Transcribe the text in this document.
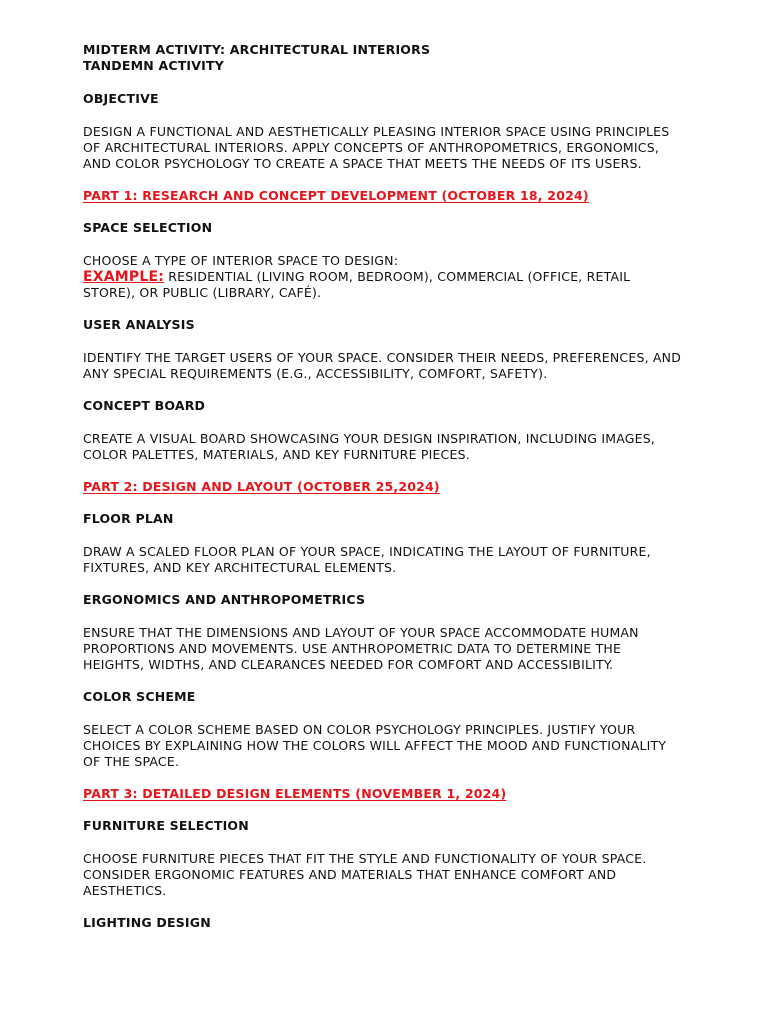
MIDTERM ACTIVITY: ARCHITECTURAL INTERIORS
TANDEMN ACTIVITY

OBJECTIVE

DESIGN A FUNCTIONAL AND AESTHETICALLY PLEASING INTERIOR SPACE USING PRINCIPLES OF ARCHITECTURAL INTERIORS. APPLY CONCEPTS OF ANTHROPOMETRICS, ERGONOMICS, AND COLOR PSYCHOLOGY TO CREATE A SPACE THAT MEETS THE NEEDS OF ITS USERS.

PART 1: RESEARCH AND CONCEPT DEVELOPMENT (OCTOBER 18, 2024)

SPACE SELECTION

CHOOSE A TYPE OF INTERIOR SPACE TO DESIGN:
EXAMPLE: RESIDENTIAL (LIVING ROOM, BEDROOM), COMMERCIAL (OFFICE, RETAIL STORE), OR PUBLIC (LIBRARY, CAFÉ).

USER ANALYSIS

IDENTIFY THE TARGET USERS OF YOUR SPACE. CONSIDER THEIR NEEDS, PREFERENCES, AND ANY SPECIAL REQUIREMENTS (E.G., ACCESSIBILITY, COMFORT, SAFETY).

CONCEPT BOARD

CREATE A VISUAL BOARD SHOWCASING YOUR DESIGN INSPIRATION, INCLUDING IMAGES, COLOR PALETTES, MATERIALS, AND KEY FURNITURE PIECES.

PART 2: DESIGN AND LAYOUT (OCTOBER 25,2024)

FLOOR PLAN

DRAW A SCALED FLOOR PLAN OF YOUR SPACE, INDICATING THE LAYOUT OF FURNITURE, FIXTURES, AND KEY ARCHITECTURAL ELEMENTS.

ERGONOMICS AND ANTHROPOMETRICS

ENSURE THAT THE DIMENSIONS AND LAYOUT OF YOUR SPACE ACCOMMODATE HUMAN PROPORTIONS AND MOVEMENTS. USE ANTHROPOMETRIC DATA TO DETERMINE THE HEIGHTS, WIDTHS, AND CLEARANCES NEEDED FOR COMFORT AND ACCESSIBILITY.

COLOR SCHEME

SELECT A COLOR SCHEME BASED ON COLOR PSYCHOLOGY PRINCIPLES. JUSTIFY YOUR CHOICES BY EXPLAINING HOW THE COLORS WILL AFFECT THE MOOD AND FUNCTIONALITY OF THE SPACE.

PART 3: DETAILED DESIGN ELEMENTS (NOVEMBER 1, 2024)

FURNITURE SELECTION

CHOOSE FURNITURE PIECES THAT FIT THE STYLE AND FUNCTIONALITY OF YOUR SPACE. CONSIDER ERGONOMIC FEATURES AND MATERIALS THAT ENHANCE COMFORT AND AESTHETICS.

LIGHTING DESIGN
